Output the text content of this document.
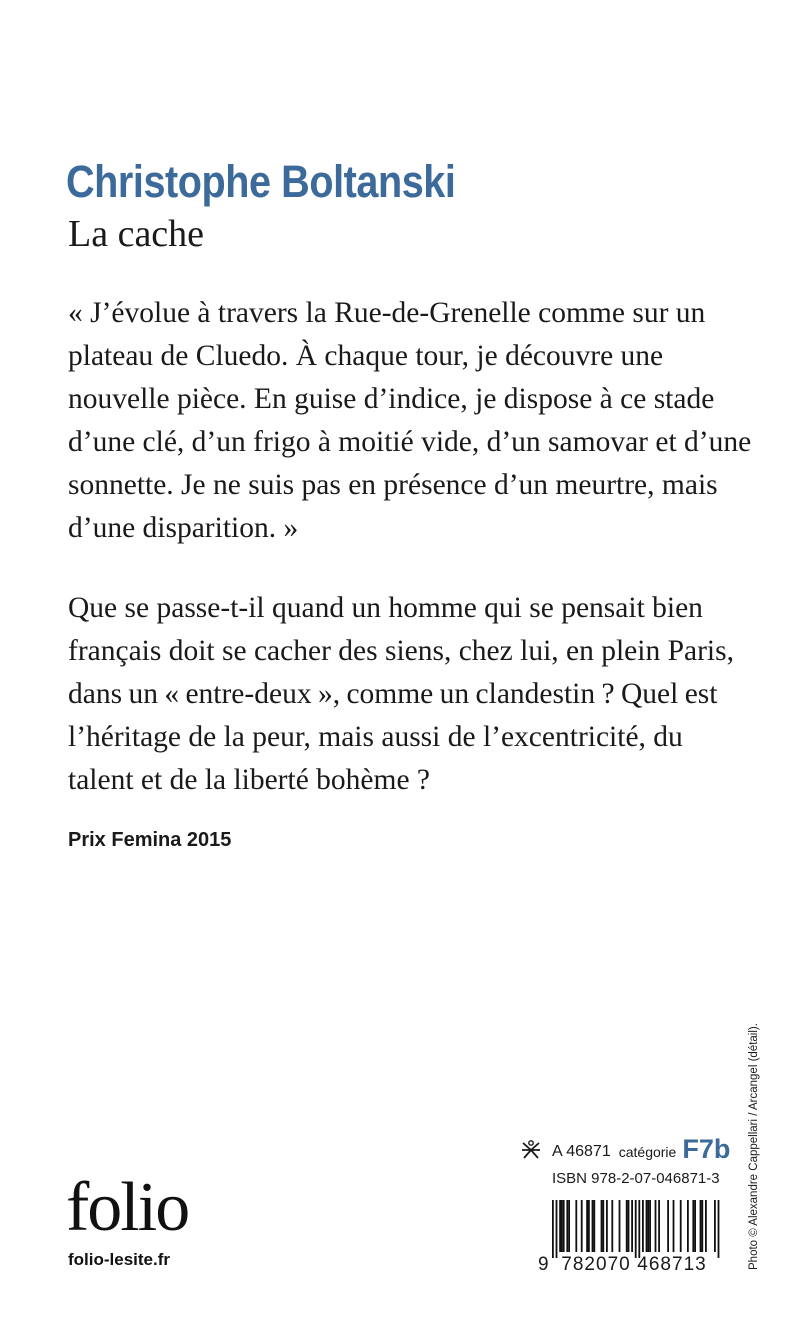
Christophe Boltanski
La cache
« J’évolue à travers la Rue-de-Grenelle comme sur un
plateau de Cluedo. À chaque tour, je découvre une
nouvelle pièce. En guise d’indice, je dispose à ce stade
d’une clé, d’un frigo à moitié vide, d’un samovar et d’une
sonnette. Je ne suis pas en présence d’un meurtre, mais
d’une disparition. »
Que se passe-t-il quand un homme qui se pensait bien
français doit se cacher des siens, chez lui, en plein Paris,
dans un « entre-deux », comme un clandestin ? Quel est
l’héritage de la peur, mais aussi de l’excentricité, du
talent et de la liberté bohème ?
Prix Femina 2015
Photo © Alexandre Cappellari / Arcangel (détail).
A 46871 catégorie F7b
ISBN 978-2-07-046871-3
9 782070 468713
folio
folio-lesite.fr
